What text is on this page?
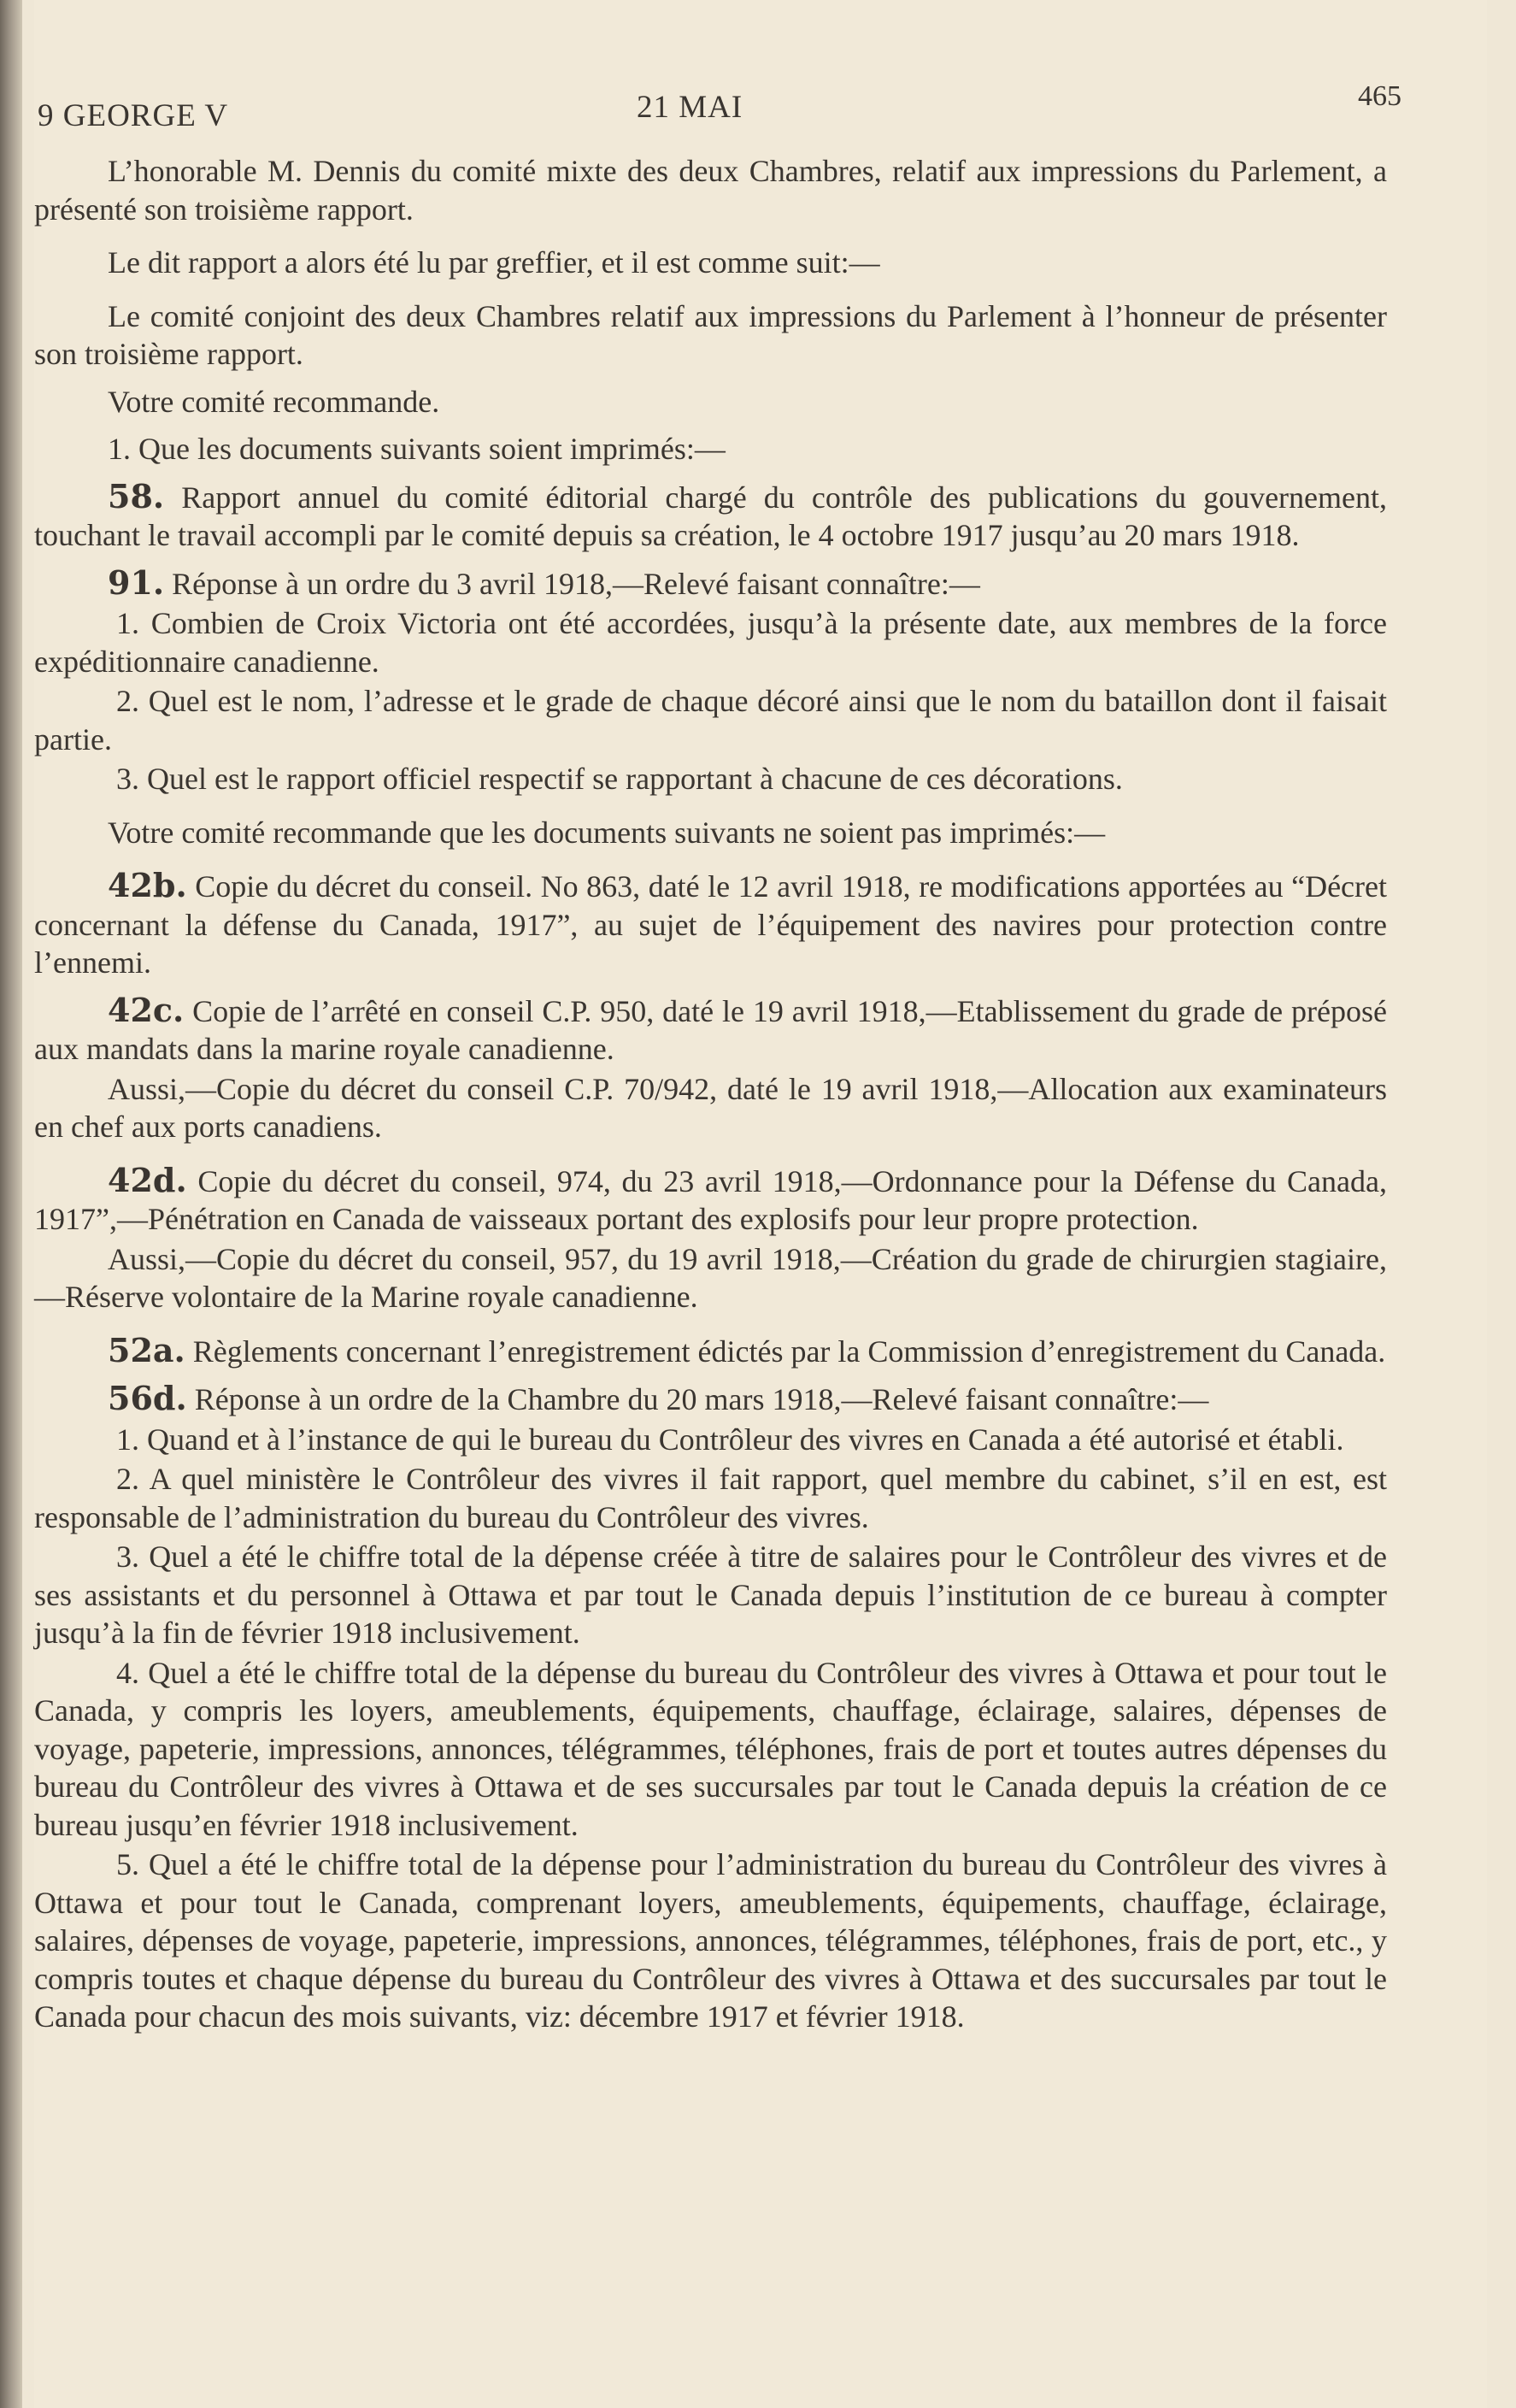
9 GEORGE V	21 MAI	465

L’honorable M. Dennis du comité mixte des deux Chambres, relatif aux impressions du Parlement, a présenté son troisième rapport.

Le dit rapport a alors été lu par greffier, et il est comme suit:—

Le comité conjoint des deux Chambres relatif aux impressions du Parlement à l’honneur de présenter son troisième rapport.

Votre comité recommande.

1. Que les documents suivants soient imprimés:—

58. Rapport annuel du comité éditorial chargé du contrôle des publications du gouvernement, touchant le travail accompli par le comité depuis sa création, le 4 octobre 1917 jusqu’au 20 mars 1918.

91. Réponse à un ordre du 3 avril 1918,—Relevé faisant connaître:—

1. Combien de Croix Victoria ont été accordées, jusqu’à la présente date, aux membres de la force expéditionnaire canadienne.

2. Quel est le nom, l’adresse et le grade de chaque décoré ainsi que le nom du bataillon dont il faisait partie.

3. Quel est le rapport officiel respectif se rapportant à chacune de ces décorations.

Votre comité recommande que les documents suivants ne soient pas imprimés:—

42b. Copie du décret du conseil. No 863, daté le 12 avril 1918, re modifications apportées au “Décret concernant la défense du Canada, 1917”, au sujet de l’équipement des navires pour protection contre l’ennemi.

42c. Copie de l’arrêté en conseil C.P. 950, daté le 19 avril 1918,—Etablissement du grade de préposé aux mandats dans la marine royale canadienne.

Aussi,—Copie du décret du conseil C.P. 70/942, daté le 19 avril 1918,—Allocation aux examinateurs en chef aux ports canadiens.

42d. Copie du décret du conseil, 974, du 23 avril 1918,—Ordonnance pour la Défense du Canada, 1917”,—Pénétration en Canada de vaisseaux portant des explosifs pour leur propre protection.

Aussi,—Copie du décret du conseil, 957, du 19 avril 1918,—Création du grade de chirurgien stagiaire,—Réserve volontaire de la Marine royale canadienne.

52a. Règlements concernant l’enregistrement édictés par la Commission d’enregistrement du Canada.

56d. Réponse à un ordre de la Chambre du 20 mars 1918,—Relevé faisant connaître:—

1. Quand et à l’instance de qui le bureau du Contrôleur des vivres en Canada a été autorisé et établi.

2. A quel ministère le Contrôleur des vivres il fait rapport, quel membre du cabinet, s’il en est, est responsable de l’administration du bureau du Contrôleur des vivres.

3. Quel a été le chiffre total de la dépense créée à titre de salaires pour le Contrôleur des vivres et de ses assistants et du personnel à Ottawa et par tout le Canada depuis l’institution de ce bureau à compter jusqu’à la fin de février 1918 inclusivement.

4. Quel a été le chiffre total de la dépense du bureau du Contrôleur des vivres à Ottawa et pour tout le Canada, y compris les loyers, ameublements, équipements, chauffage, éclairage, salaires, dépenses de voyage, papeterie, impressions, annonces, télégrammes, téléphones, frais de port et toutes autres dépenses du bureau du Contrôleur des vivres à Ottawa et de ses succursales par tout le Canada depuis la création de ce bureau jusqu’en février 1918 inclusivement.

5. Quel a été le chiffre total de la dépense pour l’administration du bureau du Contrôleur des vivres à Ottawa et pour tout le Canada, comprenant loyers, ameublements, équipements, chauffage, éclairage, salaires, dépenses de voyage, papeterie, impressions, annonces, télégrammes, téléphones, frais de port, etc., y compris toutes et chaque dépense du bureau du Contrôleur des vivres à Ottawa et des succursales par tout le Canada pour chacun des mois suivants, viz: décembre 1917 et février 1918.
